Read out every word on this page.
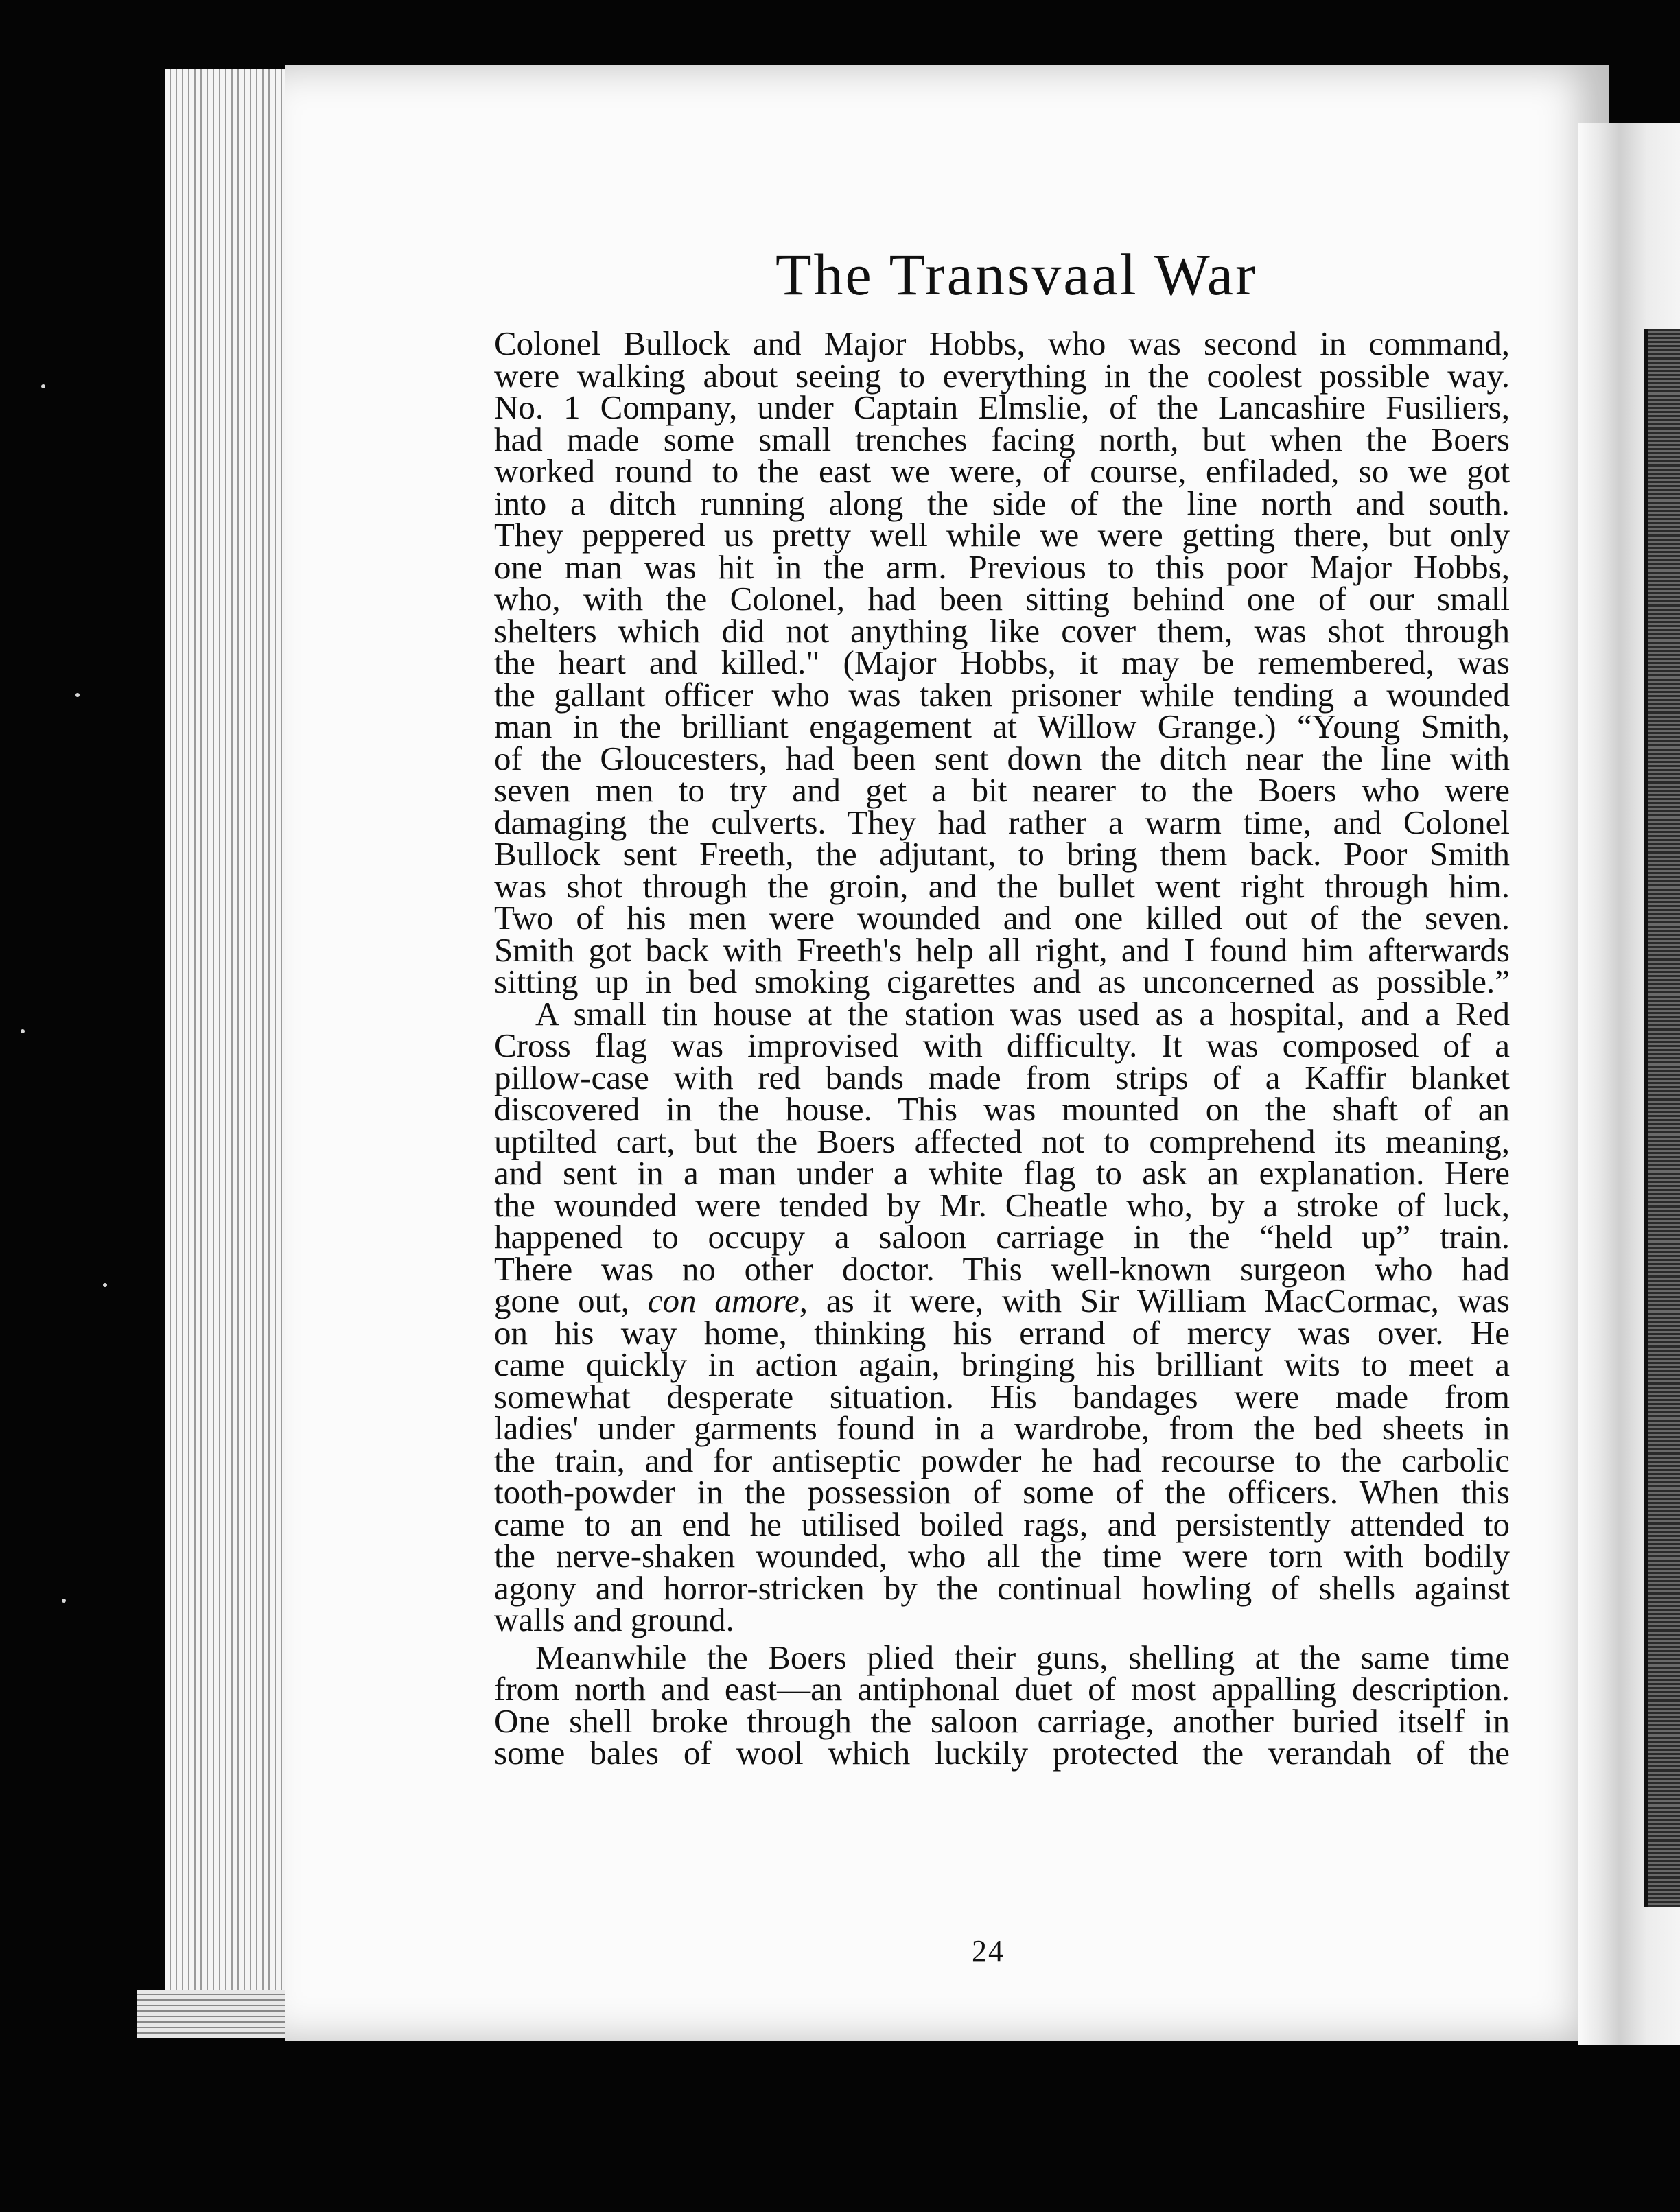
The Transvaal War
Colonel Bullock and Major Hobbs, who was second in command,
were walking about seeing to everything in the coolest possible way.
No. 1 Company, under Captain Elmslie, of the Lancashire Fusiliers,
had made some small trenches facing north, but when the Boers
worked round to the east we were, of course, enfiladed, so we got
into a ditch running along the side of the line north and south.
They peppered us pretty well while we were getting there, but only
one man was hit in the arm. Previous to this poor Major Hobbs,
who, with the Colonel, had been sitting behind one of our small
shelters which did not anything like cover them, was shot through
the heart and killed." (Major Hobbs, it may be remembered, was
the gallant officer who was taken prisoner while tending a wounded
man in the brilliant engagement at Willow Grange.) “Young Smith,
of the Gloucesters, had been sent down the ditch near the line with
seven men to try and get a bit nearer to the Boers who were
damaging the culverts. They had rather a warm time, and Colonel
Bullock sent Freeth, the adjutant, to bring them back. Poor Smith
was shot through the groin, and the bullet went right through him.
Two of his men were wounded and one killed out of the seven.
Smith got back with Freeth's help all right, and I found him afterwards
sitting up in bed smoking cigarettes and as unconcerned as possible.”
A small tin house at the station was used as a hospital, and a Red
Cross flag was improvised with difficulty. It was composed of a
pillow-case with red bands made from strips of a Kaffir blanket
discovered in the house. This was mounted on the shaft of an
uptilted cart, but the Boers affected not to comprehend its meaning,
and sent in a man under a white flag to ask an explanation. Here
the wounded were tended by Mr. Cheatle who, by a stroke of luck,
happened to occupy a saloon carriage in the “held up” train.
There was no other doctor. This well-known surgeon who had
gone out, con amore, as it were, with Sir William MacCormac, was
on his way home, thinking his errand of mercy was over. He
came quickly in action again, bringing his brilliant wits to meet a
somewhat desperate situation. His bandages were made from
ladies' under garments found in a wardrobe, from the bed sheets in
the train, and for antiseptic powder he had recourse to the carbolic
tooth-powder in the possession of some of the officers. When this
came to an end he utilised boiled rags, and persistently attended to
the nerve-shaken wounded, who all the time were torn with bodily
agony and horror-stricken by the continual howling of shells against
walls and ground.
Meanwhile the Boers plied their guns, shelling at the same time
from north and east—an antiphonal duet of most appalling description.
One shell broke through the saloon carriage, another buried itself in
some bales of wool which luckily protected the verandah of the
24
